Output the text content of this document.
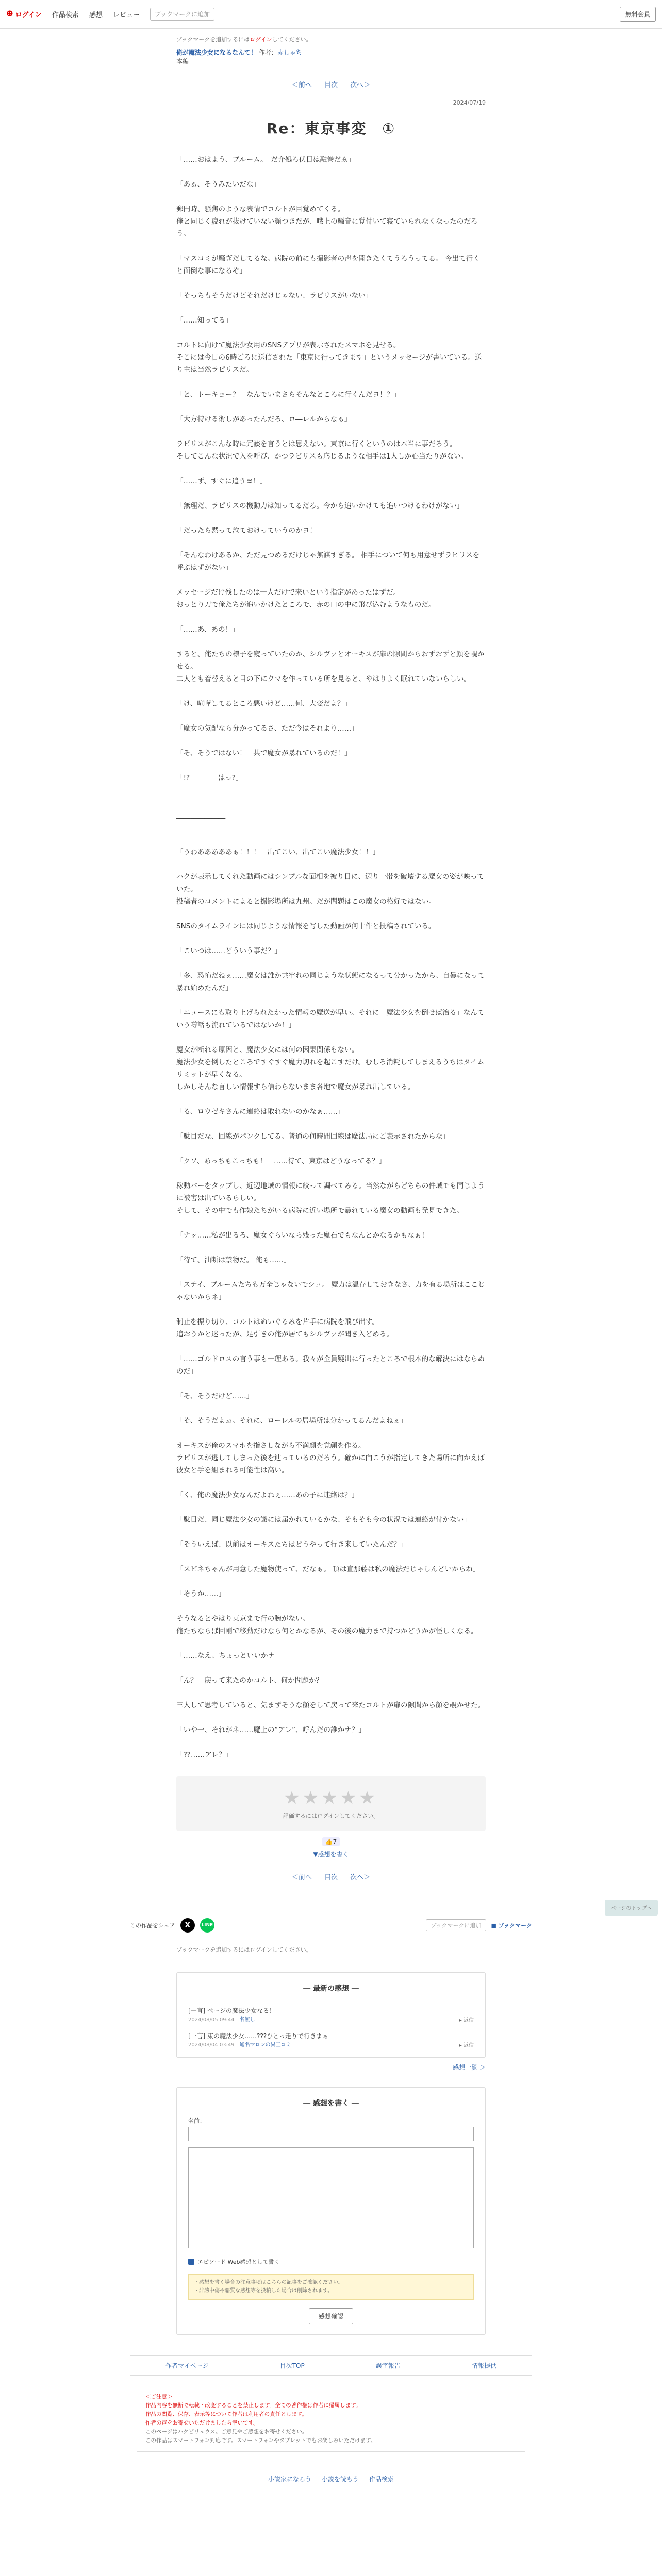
☻ ログイン 作品検索 感想 レビュー	ブックマークに追加	無料会員
ブックマークを追加するにはログインしてください。
俺が魔法少女になるなんて！ 作者：赤しゃち
本編
＜前へ 目次 次へ＞
2024/07/19
Re：東京事変　①

「……おはよう、ブルーム。　だ介処ろ伏目は融巻だゑ」

「あぁ、そうみたいだな」

郵円時、騒焦のような表情でコルトが目覚めてくる。
俺と同じく疲れが抜けていない顔つきだが、哦上の騒音に覚付いて寝ていられなくなったのだろう。

「マスコミが騒ぎだしてるな。病院の前にも撮影者の声を聞きたくてうろうってる。 今出て行くと面倒な事になるぞ」

「そっちもそうだけどそれだけじゃない、ラピリスがいない」

「……知ってる」

コルトに向けて魔法少女用のSNSアプリが表示されたスマホを見せる。
そこには今日の6時ごろに送信された「東京に行ってきます」というメッセージが書いている。送り主は当然ラピリスだ。

「と、トーキョー？　なんでいまさらそんなところに行くんだヨ！？」

「大方特ける術しがあったんだろ、ロ―レルからなぁ」

ラピリスがこんな時に冗談を言うとは思えない。東京に行くというのは本当に事だろう。
そしてこんな状況で入を呼び、かつラピリスも応じるような相手は1人しか心当たりがない。

「……ず、すぐに追うヨ！」

「無理だ、ラピリスの機動力は知ってるだろ。今から追いかけても追いつけるわけがない」

「だったら黙って泣ておけっていうのかヨ！」

「そんなわけあるか、ただ見つめるだけじゃ無謀すぎる。 相手について何も用意せずラピリスを呼ぶはずがない」

メッセージだけ残したのは一人だけで来いという指定があったはずだ。
おっとり刀で俺たちが追いかけたところで、赤の口の中に飛び込むようなものだ。

「……あ、あの！」

すると、俺たちの様子を窺っていたのか、シルヴァとオーキスが扉の隙間からおずおずと顔を覗かせる。
二人とも着替えると目の下にクマを作っている所を見ると、やはりよく眠れていないらしい。

「け、喧嘩してるところ悪いけど……何、大変だよ？」

「魔女の気配なら分かってるさ、ただ今はそれより……」

「そ、そうではない！　共で魔女が暴れているのだ！」

「!?――――はっ?」

______________________________
______________
_______

「うわあああああぁ！！！　出てこい、出てこい魔法少女！！」

ハクが表示してくれた動画にはシンプルな面相を被り目に、辺り一帯を破壊する魔女の姿が映っていた。
投稿者のコメントによると撮影場所は九州。だが問題はこの魔女の格好ではない。

SNSのタイムラインには同じような情報を写した動画が何十件と投稿されている。

「こいつは……どういう事だ？」

「多、恐怖だねぇ……魔女は誰か共牢れの同じような状態になるって分かったから、自暴になって暴れ始めたんだ」

「ニュースにも取り上げられたかった情報の魔送が早い。それに「魔法少女を倒せば治る」なんていう噂話も流れているではないか！」

魔女が断れる原因と、魔法少女には何の因果関係もない。
魔法少女を倒したところですぐすぐ魔力切れを起こすだけ。むしろ消耗してしまえるうちはタイムリミットが早くなる。
しかしそんな言しい情報すら信わらないまま各地で魔女が暴れ出している。

「る、ロウゼキさんに連絡は取れないのかなぁ……」

「駄目だな、回線がパンクしてる。普通の何時間回線は魔法局にご表示されたからな」

「クソ、あっちもこっちも！　……待て、東京はどうなってる？」

稼動バーをタップし、近辺地域の情報に絞って調べてみる。当然ながらどちらの件域でも同じように被害は出ているらしい。
そして、その中でも作娘たちがいる病院に近い場所で暴れている魔女の動画も発見できた。

「ナッ……私が出るろ、魔女ぐらいなら残った魔石でもなんとかなるかもなぁ！」

「待て、油断は禁物だ。 俺も……」

「ステイ、ブルームたちも万全じゃないでシュ。 魔力は温存しておきなさ、力を有る場所はここじゃないからネ」

制止を振り切り、コルトはぬいぐるみを片手に病院を飛び出す。
追おうかと迷ったが、足引きの俺が居てもシルヴァが聞き入どめる。

「……ゴルドロスの言う事も一理ある。我々が全員疑出に行ったところで根本的な解決にはならぬのだ」

「そ、そうだけど……」

「そ、そうだよぉ。それに、ローレルの居場所は分かってるんだよねぇ」

オーキスが俺のスマホを指さしながら不満顔を覚顔を作る。
ラピリスが逃してしまった後を辿っているのだろう。確かに向こうが指定してきた場所に向かえば彼女と手を組まれる可能性は高い。

「く、俺の魔法少女なんだよねぇ……あの子に連絡は？」

「駄目だ、同じ魔法少女の識には届かれているかな、そもそも今の状況では連絡が付かない」

「そういえば、以前はオーキスたちはどうやって行き来していたんだ？」

「スピネちゃんが用意した魔物使って、だなぁ。 頂は直那藤は私の魔法だじゃしんどいからね」

「そうか……」

そうなるとやはり東京まで行の腕がない。
俺たちならば回剛で移動だけなら何とかなるが、その後の魔力まで持つかどうかが怪しくなる。

「……なえ、ちょっといいかナ」

「ん？　戻って来たのかコルト、何か問題か？」

三人して思考していると、気まずそうな顔をして戻って来たコルトが扉の隙間から顔を覗かせた。

「いや一、それがネ……魔止の“アレ”、呼んだの誰かナ？」

「??……アレ？」」

★★★★★
評価するにはログインしてください。
👍7
▼感想を書く
＜前へ 目次 次へ＞
この作品をシェア	X	LINE	ブックマークに追加	■ ブックマーク
ブックマークを追加するにはログインしてください。
― 最新の感想 ―
[一言] ページの魔法少女なる！
2024/08/05 09:44 名無し	▸ 返信
[一言] 東の魔法少女……???ひとっ走りで行きまぁ
2024/08/04 03:49 通名マロンの異王コミ	▸ 返信
感想一覧 ＞
― 感想を書く ―
名前：
エピソード Web感想として書く
・感想を書く場合の注意事項はこちらの記事をご確認ください。
・誹謗中傷や悪質な感想等を投稿した場合は削除されます。
感想確認
作者マイページ	目次TOP	誤字報告	情報提供
＜ご注意＞
作品内容を無断で転載・改変することを禁止します。全ての著作権は作者に帰属します。
作品の閲覧、保存、表示等について作者は利用者の責任とします。
作者の声をお寄せいただけましたら幸いです。
このページはハクピリュウス。ご意見やご感想をお寄せください。
この作品はスマートフォン対応です。スマートフォンやタブレットでもお楽しみいただけます。
小説家になろう 小説を読もう 作品検索
ページのトップへ
